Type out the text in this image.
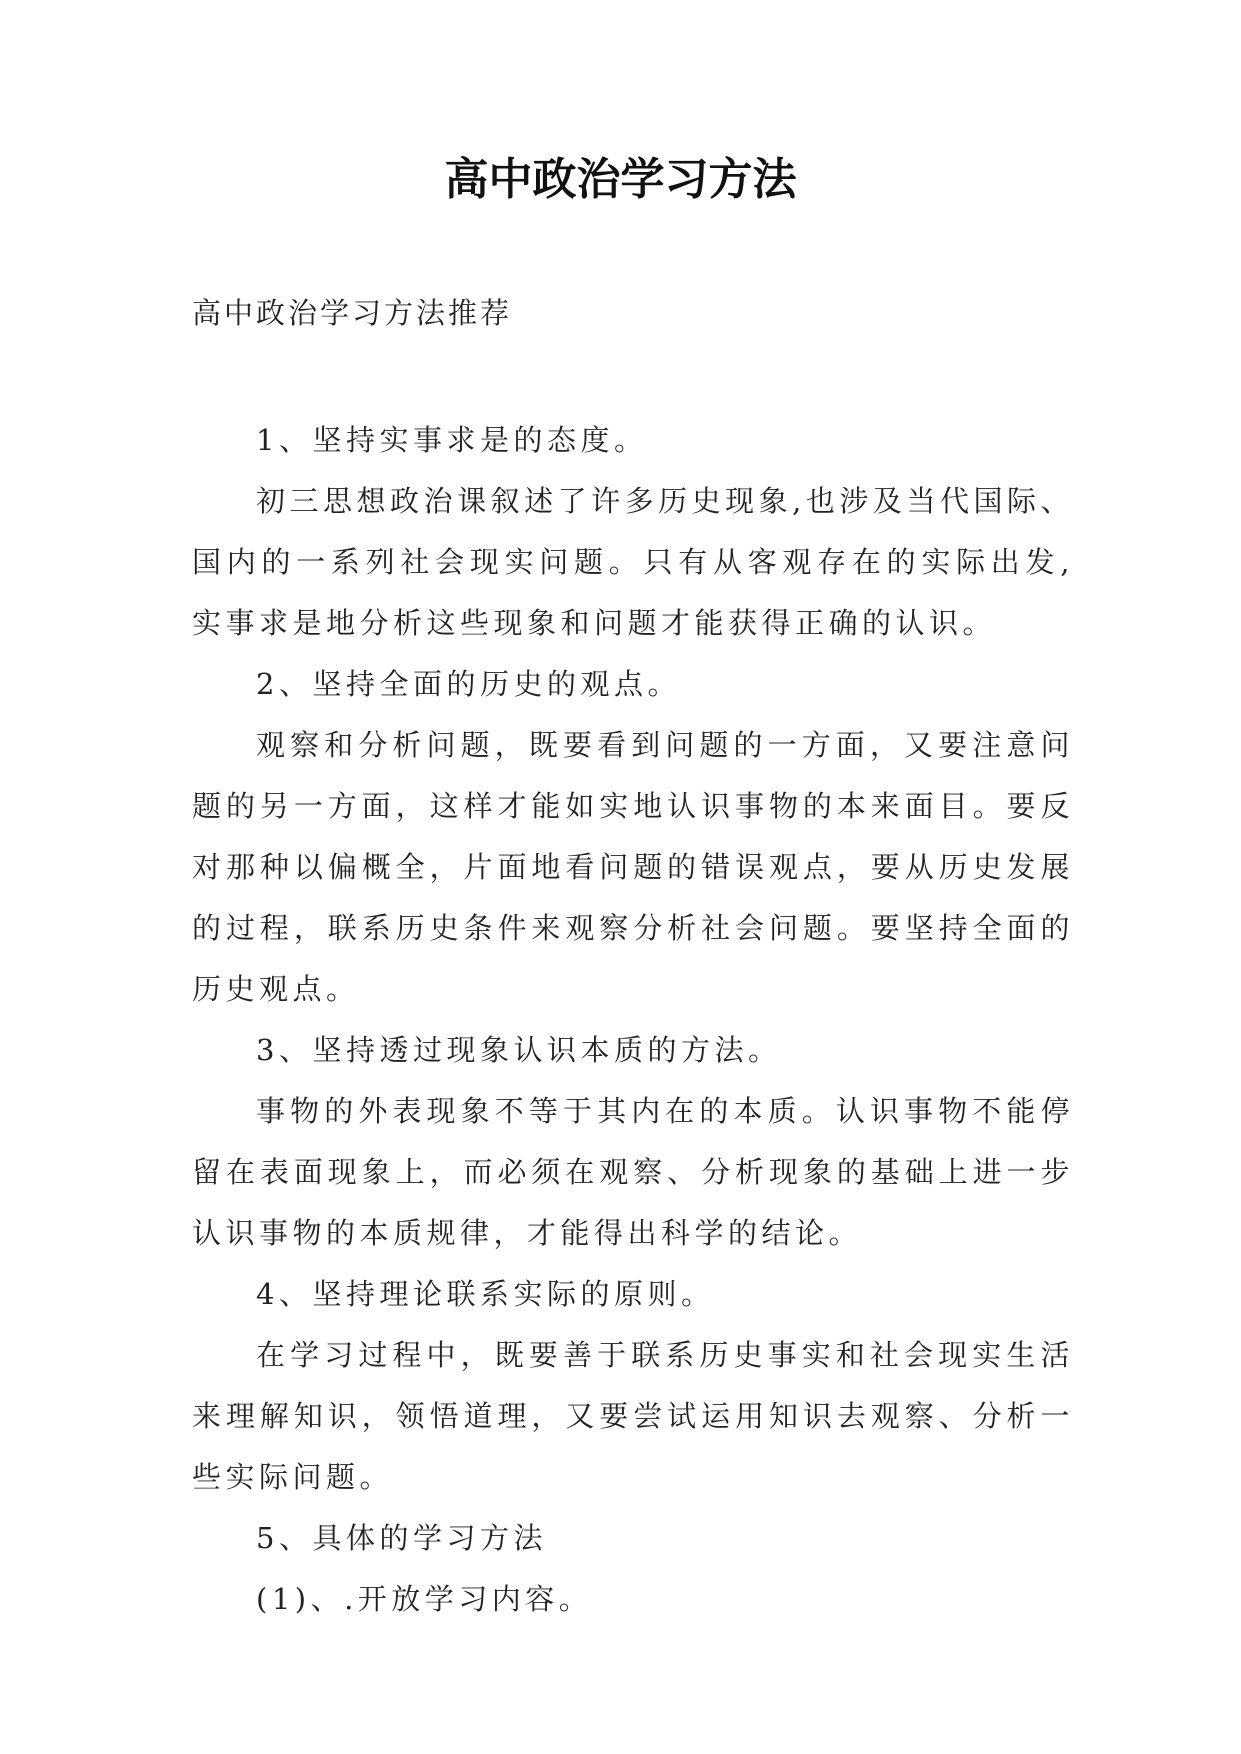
高中政治学习方法
高中政治学习方法推荐

1、坚持实事求是的态度。

初三思想政治课叙述了许多历史现象,也涉及当代国际、国内的一系列社会现实问题。只有从客观存在的实际出发,实事求是地分析这些现象和问题才能获得正确的认识。

2、坚持全面的历史的观点。

观察和分析问题，既要看到问题的一方面，又要注意问题的另一方面，这样才能如实地认识事物的本来面目。要反对那种以偏概全，片面地看问题的错误观点，要从历史发展的过程，联系历史条件来观察分析社会问题。要坚持全面的历史观点。

3、坚持透过现象认识本质的方法。

事物的外表现象不等于其内在的本质。认识事物不能停留在表面现象上，而必须在观察、分析现象的基础上进一步认识事物的本质规律，才能得出科学的结论。

4、坚持理论联系实际的原则。

在学习过程中，既要善于联系历史事实和社会现实生活来理解知识，领悟道理，又要尝试运用知识去观察、分析一些实际问题。

5、具体的学习方法

(1)、.开放学习内容。
